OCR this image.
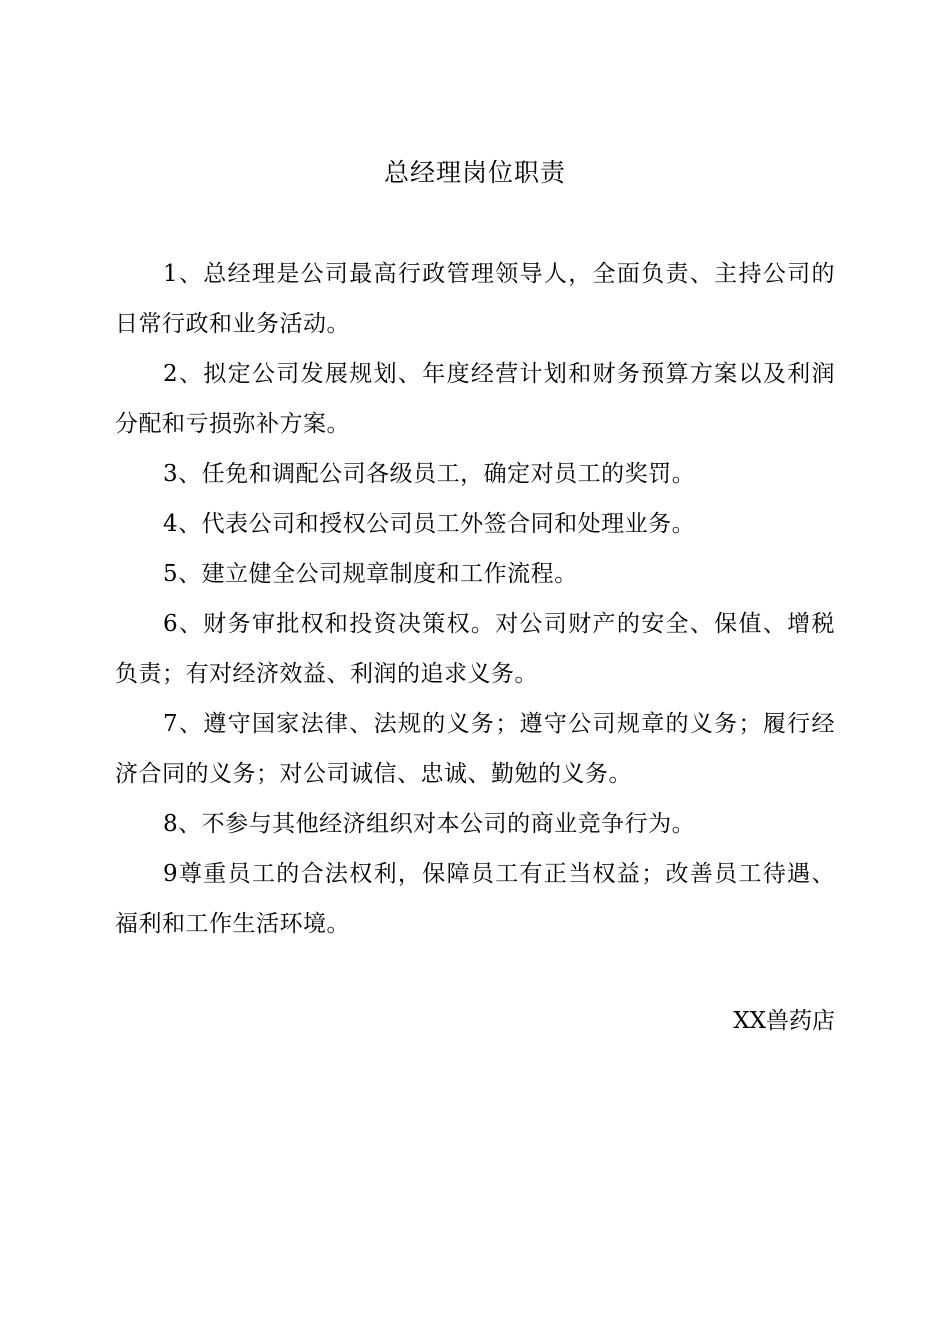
总经理岗位职责

1、总经理是公司最高行政管理领导人，全面负责、主持公司的日常行政和业务活动。

2、拟定公司发展规划、年度经营计划和财务预算方案以及利润分配和亏损弥补方案。

3、任免和调配公司各级员工，确定对员工的奖罚。

4、代表公司和授权公司员工外签合同和处理业务。

5、建立健全公司规章制度和工作流程。

6、财务审批权和投资决策权。对公司财产的安全、保值、增税负责；有对经济效益、利润的追求义务。

7、遵守国家法律、法规的义务；遵守公司规章的义务；履行经济合同的义务；对公司诚信、忠诚、勤勉的义务。

8、不参与其他经济组织对本公司的商业竞争行为。

9尊重员工的合法权利，保障员工有正当权益；改善员工待遇、福利和工作生活环境。

XX兽药店
